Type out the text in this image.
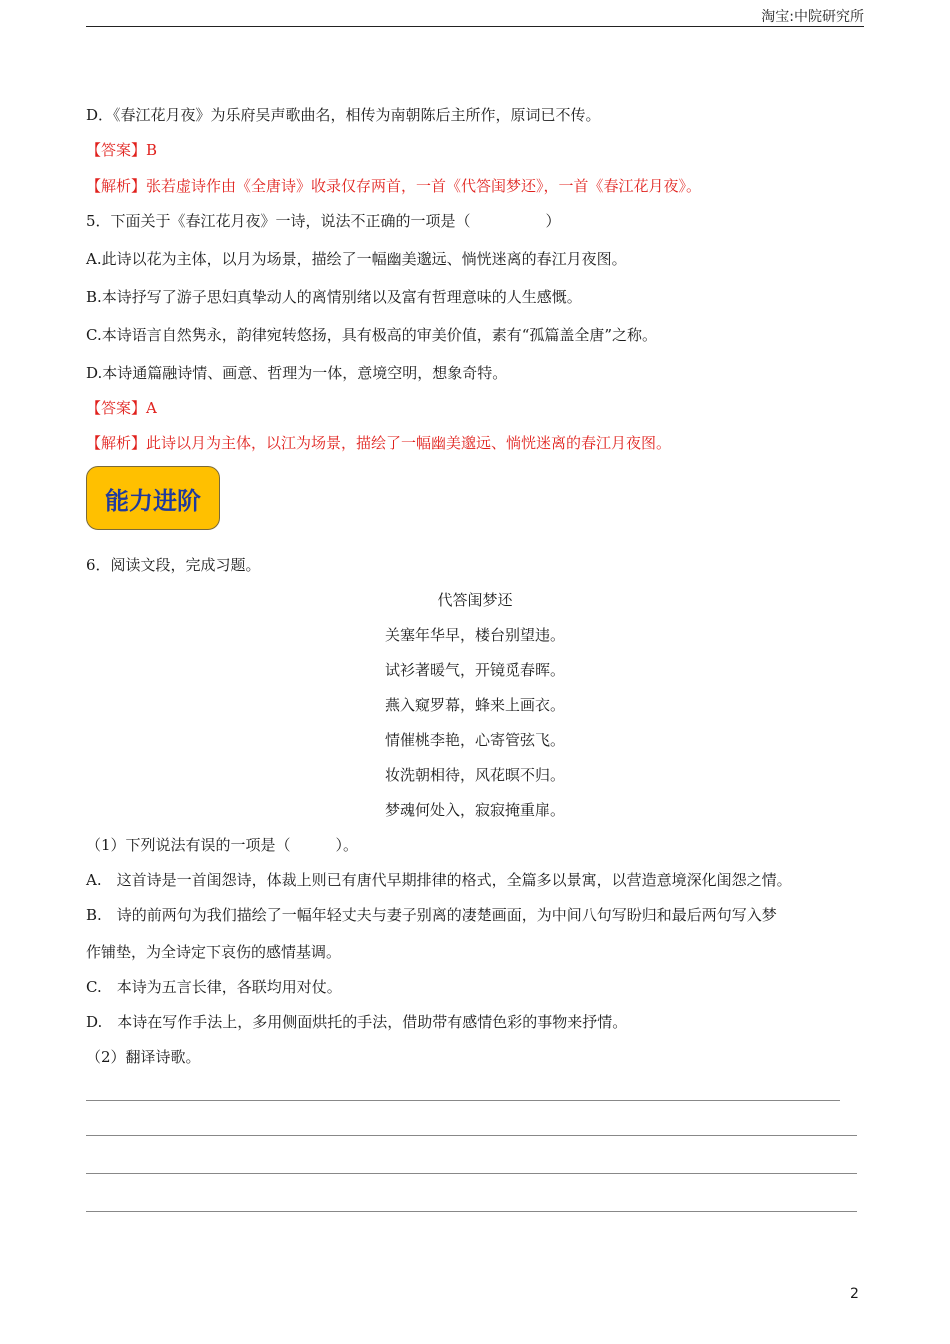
淘宝:中院研究所
D．《春江花月夜》为乐府吴声歌曲名，相传为南朝陈后主所作，原词已不传。
【答案】B
【解析】张若虚诗作由《全唐诗》收录仅存两首，一首《代答闺梦还》，一首《春江花月夜》。
5．下面关于《春江花月夜》一诗，说法不正确的一项是（　　　　　）
A.此诗以花为主体，以月为场景，描绘了一幅幽美邈远、惝恍迷离的春江月夜图。
B.本诗抒写了游子思妇真挚动人的离情别绪以及富有哲理意味的人生感慨。
C.本诗语言自然隽永，韵律宛转悠扬，具有极高的审美价值，素有“孤篇盖全唐”之称。
D.本诗通篇融诗情、画意、哲理为一体，意境空明，想象奇特。
【答案】A
【解析】此诗以月为主体，以江为场景，描绘了一幅幽美邈远、惝恍迷离的春江月夜图。
能力进阶
6．阅读文段，完成习题。
代答闺梦还
关塞年华早，楼台别望违。
试衫著暖气，开镜觅春晖。
燕入窥罗幕，蜂来上画衣。
情催桃李艳，心寄管弦飞。
妆洗朝相待，风花暝不归。
梦魂何处入，寂寂掩重扉。
（1）下列说法有误的一项是（　　　）。
A.　这首诗是一首闺怨诗，体裁上则已有唐代早期排律的格式，全篇多以景寓，以营造意境深化闺怨之情。
B.　诗的前两句为我们描绘了一幅年轻丈夫与妻子别离的凄楚画面，为中间八句写盼归和最后两句写入梦
作铺垫，为全诗定下哀伤的感情基调。
C.　本诗为五言长律，各联均用对仗。
D.　本诗在写作手法上，多用侧面烘托的手法，借助带有感情色彩的事物来抒情。
（2）翻译诗歌。
2
